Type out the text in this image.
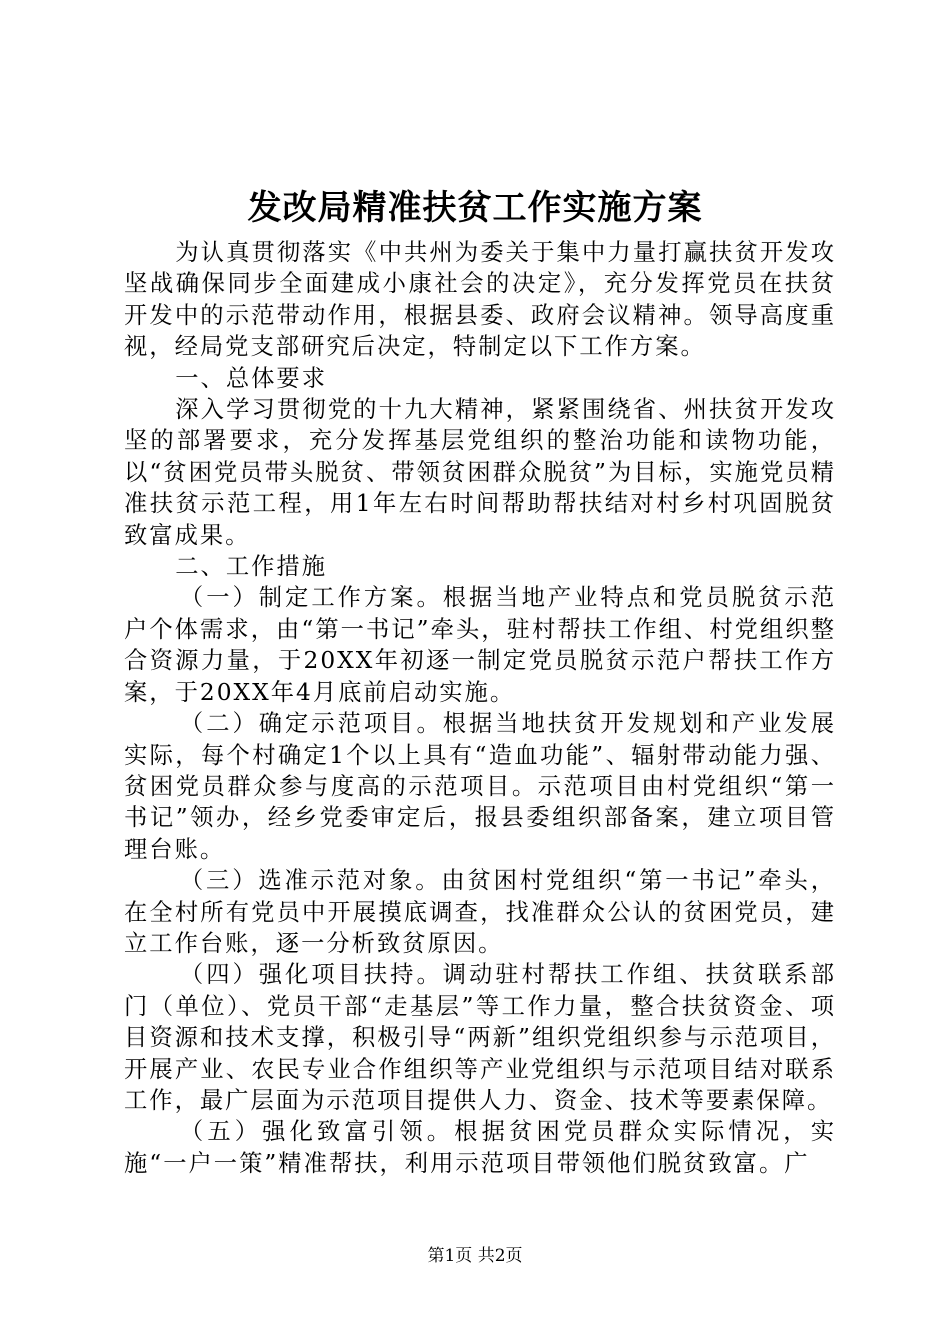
发改局精准扶贫工作实施方案

为认真贯彻落实《中共州为委关于集中力量打赢扶贫开发攻坚战确保同步全面建成小康社会的决定》，充分发挥党员在扶贫开发中的示范带动作用，根据县委、政府会议精神。领导高度重视，经局党支部研究后决定，特制定以下工作方案。

一、总体要求

深入学习贯彻党的十九大精神，紧紧围绕省、州扶贫开发攻坚的部署要求，充分发挥基层党组织的整治功能和读物功能，以“贫困党员带头脱贫、带领贫困群众脱贫”为目标，实施党员精准扶贫示范工程，用1年左右时间帮助帮扶结对村乡村巩固脱贫致富成果。

二、工作措施

（一）制定工作方案。根据当地产业特点和党员脱贫示范户个体需求，由“第一书记”牵头，驻村帮扶工作组、村党组织整合资源力量，于20XX年初逐一制定党员脱贫示范户帮扶工作方案，于20XX年4月底前启动实施。

（二）确定示范项目。根据当地扶贫开发规划和产业发展实际，每个村确定1个以上具有“造血功能”、辐射带动能力强、贫困党员群众参与度高的示范项目。示范项目由村党组织“第一书记”领办，经乡党委审定后，报县委组织部备案，建立项目管理台账。

（三）选准示范对象。由贫困村党组织“第一书记”牵头，在全村所有党员中开展摸底调查，找准群众公认的贫困党员，建立工作台账，逐一分析致贫原因。

（四）强化项目扶持。调动驻村帮扶工作组、扶贫联系部门（单位）、党员干部“走基层”等工作力量，整合扶贫资金、项目资源和技术支撑，积极引导“两新”组织党组织参与示范项目，开展产业、农民专业合作组织等产业党组织与示范项目结对联系工作，最广层面为示范项目提供人力、资金、技术等要素保障。

（五）强化致富引领。根据贫困党员群众实际情况，实施“一户一策”精准帮扶，利用示范项目带领他们脱贫致富。广

第1页 共2页
